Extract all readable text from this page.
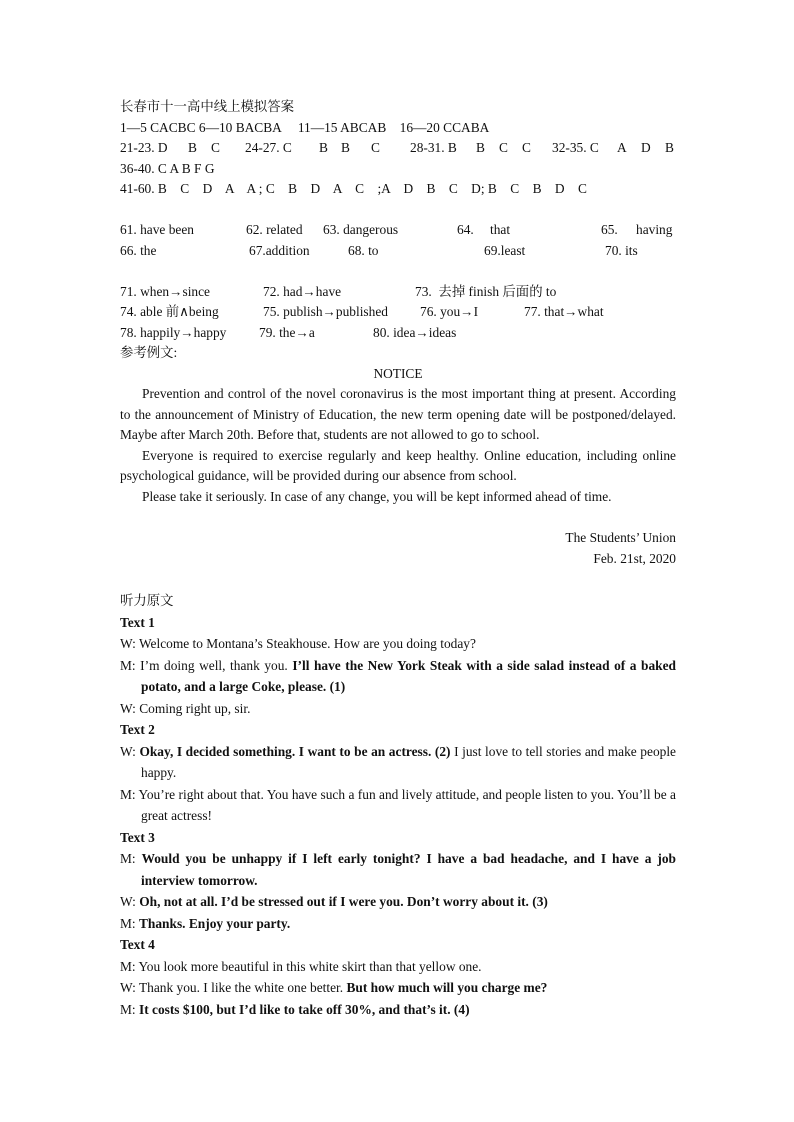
长春市十一高中线上模拟答案
1—5 CACBC 6—10 BACBA     11—15 ABCAB    16—20 CCABA
21-23. D B C 24-27. C B B C 28-31. B B C C 32-35. C A D B
36-40. C A B F G
41-60. B    C    D    A    A ; C    B    D    A    C    ;A    D    B    C    D; B    C    B    D    C
61. have been	62. related 63. dangerous	64. that	65. having
66. the	67.addition	68. to	69.least	70. its
71. when→since	72. had→have	73.  去掉 finish 后面的 to
74. able 前∧being	75. publish→published 76. you→I	77. that→what
78. happily→happy 79. the→a	80. idea→ideas
参考例文:
NOTICE
Prevention and control of the novel coronavirus is the most important thing at present. According to the announcement of Ministry of Education, the new term opening date will be postponed/delayed. Maybe after March 20th. Before that, students are not allowed to go to school.
Everyone is required to exercise regularly and keep healthy. Online education, including online psychological guidance, will be provided during our absence from school.
Please take it seriously. In case of any change, you will be kept informed ahead of time.
The Students’ Union
Feb. 21st, 2020
听力原文
Text 1
W: Welcome to Montana’s Steakhouse. How are you doing today?
M: I’m doing well, thank you. I’ll have the New York Steak with a side salad instead of a baked potato, and a large Coke, please. (1)
W: Coming right up, sir.
Text 2
W: Okay, I decided something. I want to be an actress. (2) I just love to tell stories and make people happy.
M: You’re right about that. You have such a fun and lively attitude, and people listen to you. You’ll be a great actress!
Text 3
M: Would you be unhappy if I left early tonight? I have a bad headache, and I have a job interview tomorrow.
W: Oh, not at all. I’d be stressed out if I were you. Don’t worry about it. (3)
M: Thanks. Enjoy your party.
Text 4
M: You look more beautiful in this white skirt than that yellow one.
W: Thank you. I like the white one better. But how much will you charge me?
M: It costs $100, but I’d like to take off 30%, and that’s it. (4)
